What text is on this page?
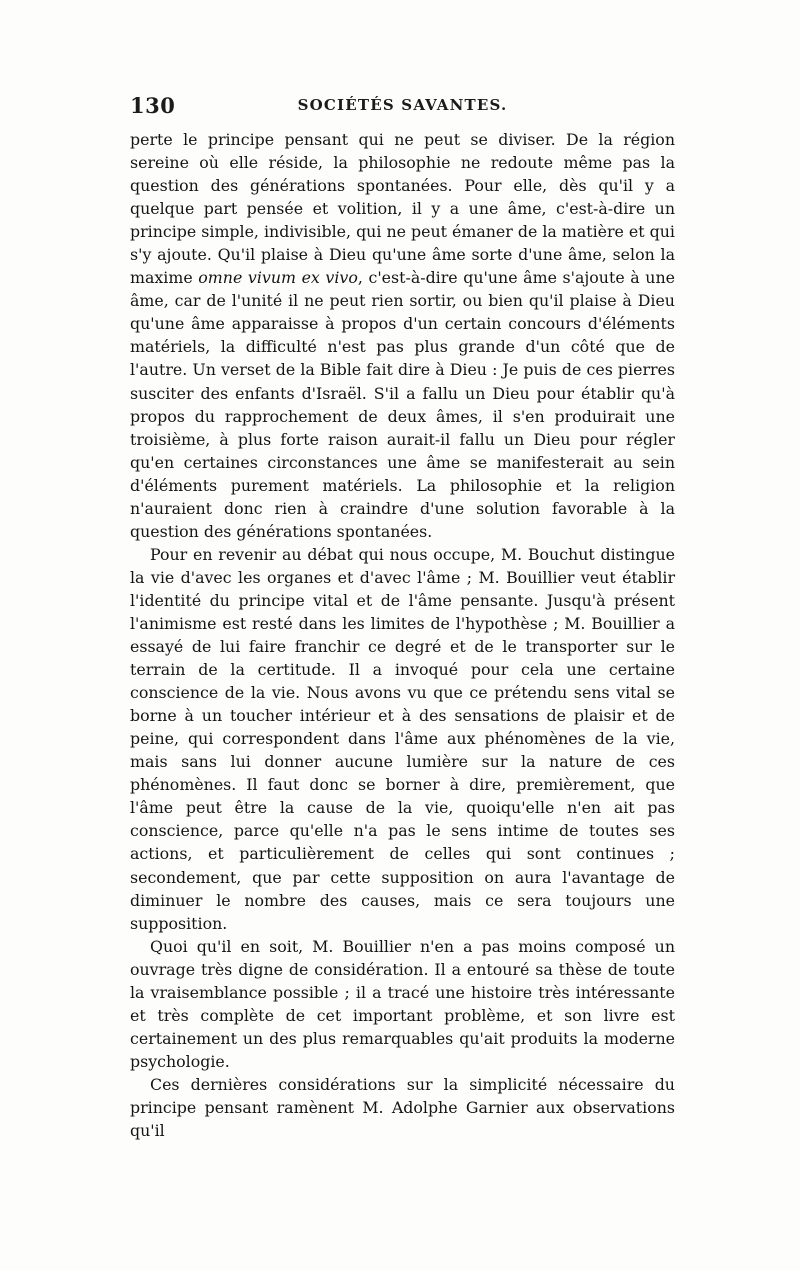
130	SOCIÉTÉS SAVANTES.

perte le principe pensant qui ne peut se diviser. De la région sereine où elle réside, la philosophie ne redoute même pas la question des générations spontanées. Pour elle, dès qu'il y a quelque part pensée et volition, il y a une âme, c'est-à-dire un principe simple, indivisible, qui ne peut émaner de la matière et qui s'y ajoute. Qu'il plaise à Dieu qu'une âme sorte d'une âme, selon la maxime omne vivum ex vivo, c'est-à-dire qu'une âme s'ajoute à une âme, car de l'unité il ne peut rien sortir, ou bien qu'il plaise à Dieu qu'une âme apparaisse à propos d'un certain concours d'éléments matériels, la difficulté n'est pas plus grande d'un côté que de l'autre. Un verset de la Bible fait dire à Dieu : Je puis de ces pierres susciter des enfants d'Israël. S'il a fallu un Dieu pour établir qu'à propos du rapprochement de deux âmes, il s'en produirait une troisième, à plus forte raison aurait-il fallu un Dieu pour régler qu'en certaines circonstances une âme se manifesterait au sein d'éléments purement matériels. La philosophie et la religion n'auraient donc rien à craindre d'une solution favorable à la question des générations spontanées.

Pour en revenir au débat qui nous occupe, M. Bouchut distingue la vie d'avec les organes et d'avec l'âme ; M. Bouillier veut établir l'identité du principe vital et de l'âme pensante. Jusqu'à présent l'animisme est resté dans les limites de l'hypothèse ; M. Bouillier a essayé de lui faire franchir ce degré et de le transporter sur le terrain de la certitude. Il a invoqué pour cela une certaine conscience de la vie. Nous avons vu que ce prétendu sens vital se borne à un toucher intérieur et à des sensations de plaisir et de peine, qui correspondent dans l'âme aux phénomènes de la vie, mais sans lui donner aucune lumière sur la nature de ces phénomènes. Il faut donc se borner à dire, premièrement, que l'âme peut être la cause de la vie, quoiqu'elle n'en ait pas conscience, parce qu'elle n'a pas le sens intime de toutes ses actions, et particulièrement de celles qui sont continues ; secondement, que par cette supposition on aura l'avantage de diminuer le nombre des causes, mais ce sera toujours une supposition.

Quoi qu'il en soit, M. Bouillier n'en a pas moins composé un ouvrage très digne de considération. Il a entouré sa thèse de toute la vraisemblance possible ; il a tracé une histoire très intéressante et très complète de cet important problème, et son livre est certainement un des plus remarquables qu'ait produits la moderne psychologie.

Ces dernières considérations sur la simplicité nécessaire du principe pensant ramènent M. Adolphe Garnier aux observations qu'il
